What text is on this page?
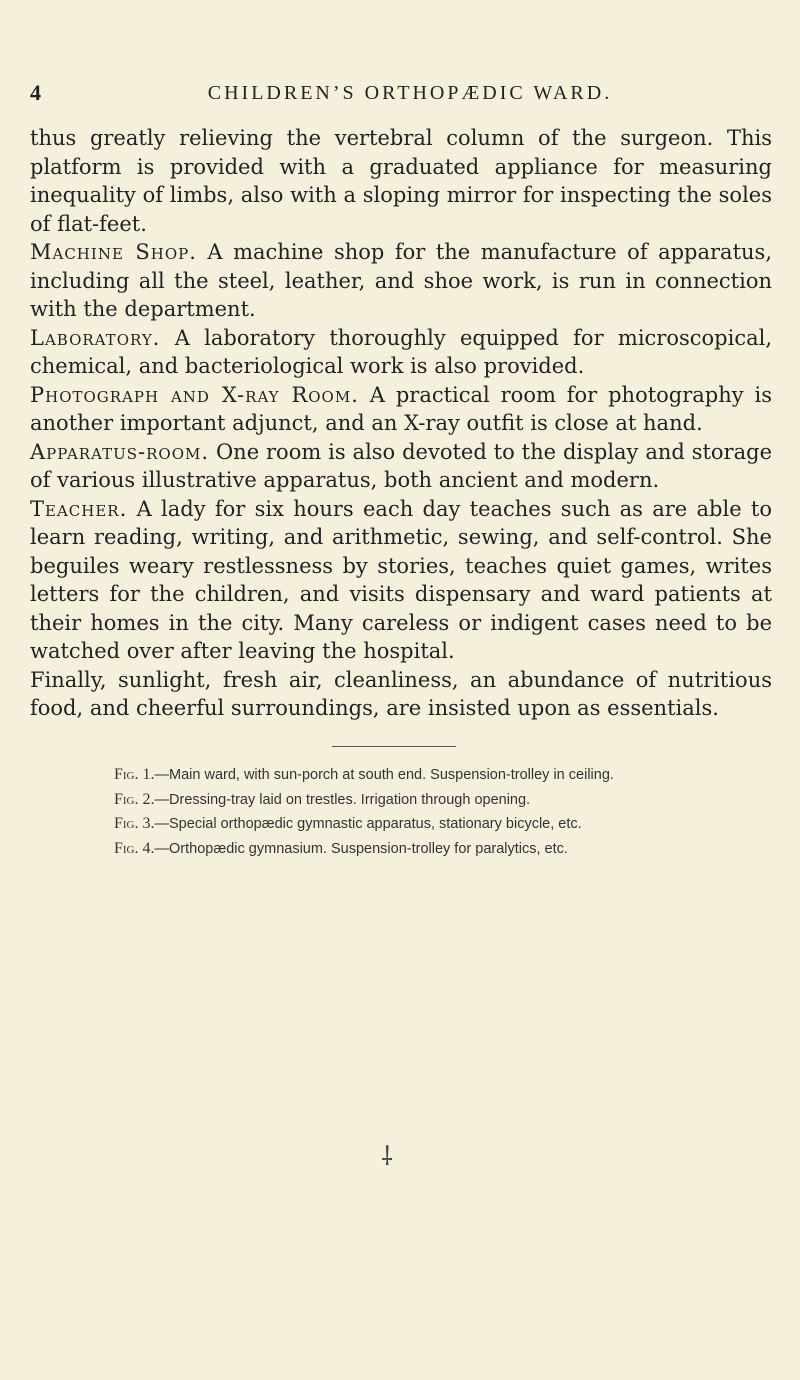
4	CHILDREN’S ORTHOPÆDIC WARD.

thus greatly relieving the vertebral column of the surgeon. This platform is provided with a graduated appliance for measuring inequality of limbs, also with a sloping mirror for inspecting the soles of flat-feet.

Machine Shop. A machine shop for the manufacture of apparatus, including all the steel, leather, and shoe work, is run in connection with the department.

Laboratory. A laboratory thoroughly equipped for microscopical, chemical, and bacteriological work is also provided.

Photograph and X-ray Room. A practical room for photography is another important adjunct, and an X-ray outfit is close at hand.

Apparatus-room. One room is also devoted to the display and storage of various illustrative apparatus, both ancient and modern.

Teacher. A lady for six hours each day teaches such as are able to learn reading, writing, and arithmetic, sewing, and self-control. She beguiles weary restlessness by stories, teaches quiet games, writes letters for the children, and visits dispensary and ward patients at their homes in the city. Many careless or indigent cases need to be watched over after leaving the hospital.

Finally, sunlight, fresh air, cleanliness, an abundance of nutritious food, and cheerful surroundings, are insisted upon as essentials.

Fig. 1.—Main ward, with sun-porch at south end. Suspension-trolley in ceiling.
Fig. 2.—Dressing-tray laid on trestles. Irrigation through opening.
Fig. 3.—Special orthopædic gymnastic apparatus, stationary bicycle, etc.
Fig. 4.—Orthopædic gymnasium. Suspension-trolley for paralytics, etc.
⸸
